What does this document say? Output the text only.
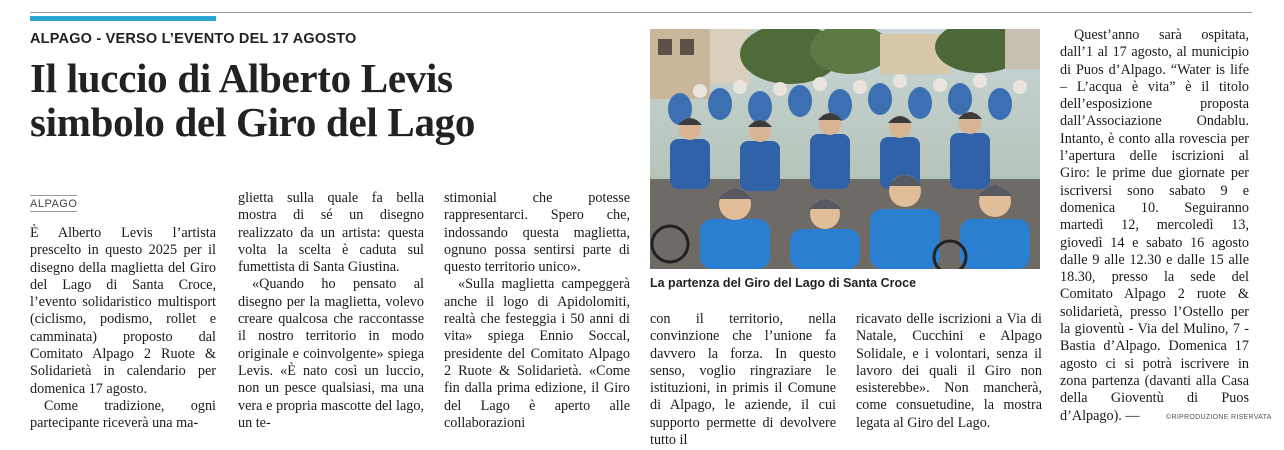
ALPAGO - VERSO L’EVENTO DEL 17 AGOSTO
Il luccio di Alberto Levis
simbolo del Giro del Lago
ALPAGO

È Alberto Levis l’artista prescelto in questo 2025 per il disegno della maglietta del Giro del Lago di Santa Croce, l’evento solidaristico multisport (ciclismo, podismo, rollet e camminata) proposto dal Comitato Alpago 2 Ruote & Solidarietà in calendario per domenica 17 agosto.

Come tradizione, ogni partecipante riceverà una ma-

glietta sulla quale fa bella mostra di sé un disegno realizzato da un artista: questa volta la scelta è caduta sul fumettista di Santa Giustina.

«Quando ho pensato al disegno per la maglietta, volevo creare qualcosa che raccontasse il nostro territorio in modo originale e coinvolgente» spiega Levis. «È nato così un luccio, non un pesce qualsiasi, ma una vera e propria mascotte del lago, un te-

stimonial che potesse rappresentarci. Spero che, indossando questa maglietta, ognuno possa sentirsi parte di questo territorio unico».

«Sulla maglietta campeggerà anche il logo di Apidolomiti, realtà che festeggia i 50 anni di vita» spiega Ennio Soccal, presidente del Comitato Alpago 2 Ruote & Solidarietà. «Come fin dalla prima edizione, il Giro del Lago è aperto alle collaborazioni

La partenza del Giro del Lago di Santa Croce

con il territorio, nella convinzione che l’unione fa davvero la forza. In questo senso, voglio ringraziare le istituzioni, in primis il Comune di Alpago, le aziende, il cui supporto permette di devolvere tutto il

ricavato delle iscrizioni a Via di Natale, Cucchini e Alpago Solidale, e i volontari, senza il lavoro dei quali il Giro non esisterebbe». Non mancherà, come consuetudine, la mostra legata al Giro del Lago.

Quest’anno sarà ospitata, dall’1 al 17 agosto, al municipio di Puos d’Alpago. “Water is life – L’acqua è vita” è il titolo dell’esposizione proposta dall’Associazione Ondablu. Intanto, è conto alla rovescia per l’apertura delle iscrizioni al Giro: le prime due giornate per iscriversi sono sabato 9 e domenica 10. Seguiranno martedì 12, mercoledì 13, giovedì 14 e sabato 16 agosto dalle 9 alle 12.30 e dalle 15 alle 18.30, presso la sede del Comitato Alpago 2 ruote & solidarietà, presso l’Ostello per la gioventù - Via del Mulino, 7 - Bastia d’Alpago. Domenica 17 agosto ci si potrà iscrivere in zona partenza (davanti alla Casa della Gioventù di Puos d’Alpago). —	©RIPRODUZIONE RISERVATA
